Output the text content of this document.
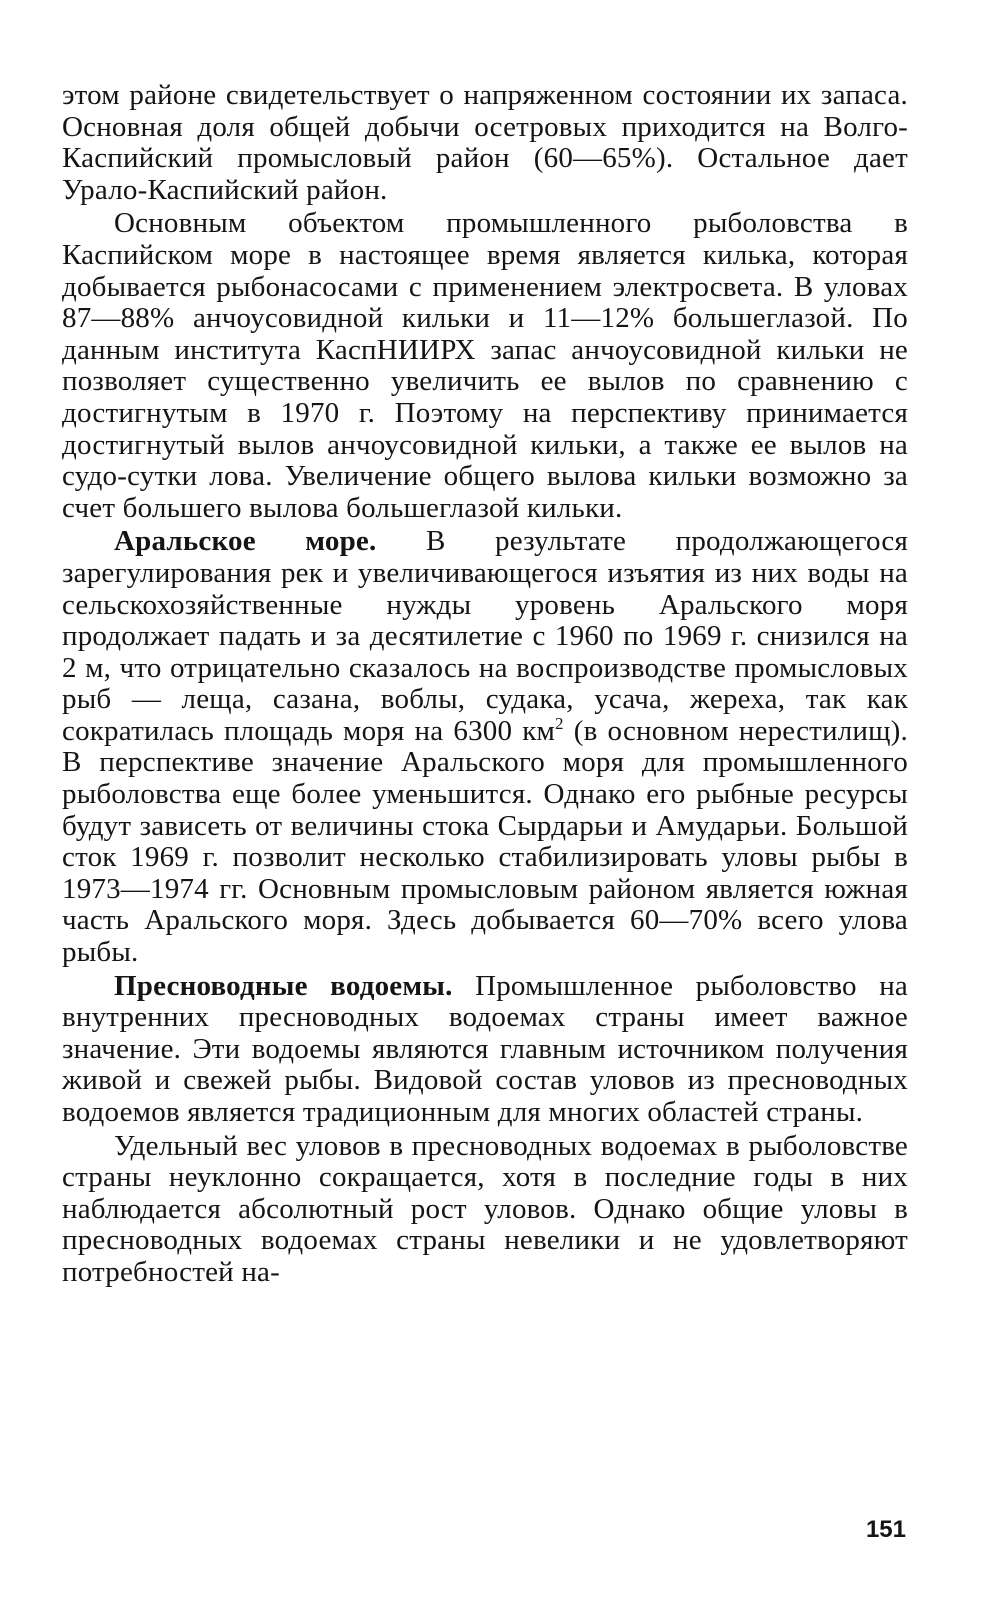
этом районе свидетельствует о напряженном состоянии их запаса. Основная доля общей добычи осетровых приходится на Волго-Каспийский промысловый район (60—65%). Остальное дает Урало-Каспийский район.

Основным объектом промышленного рыболовства в Каспийском море в настоящее время является килька, которая добывается рыбонасосами с применением электросвета. В уловах 87—88% анчоусовидной кильки и 11—12% большеглазой. По данным института КаспНИИРХ запас анчоусовидной кильки не позволяет существенно увеличить ее вылов по сравнению с достигнутым в 1970 г. Поэтому на перспективу принимается достигнутый вылов анчоусовидной кильки, а также ее вылов на судо-сутки лова. Увеличение общего вылова кильки возможно за счет большего вылова большеглазой кильки.

Аральское море. В результате продолжающегося зарегулирования рек и увеличивающегося изъятия из них воды на сельскохозяйственные нужды уровень Аральского моря продолжает падать и за десятилетие с 1960 по 1969 г. снизился на 2 м, что отрицательно сказалось на воспроизводстве промысловых рыб — леща, сазана, воблы, судака, усача, жереха, так как сократилась площадь моря на 6300 $км^2$ (в основном нерестилищ). В перспективе значение Аральского моря для промышленного рыболовства еще более уменьшится. Однако его рыбные ресурсы будут зависеть от величины стока Сырдарьи и Амударьи. Большой сток 1969 г. позволит несколько стабилизировать уловы рыбы в 1973—1974 гг. Основным промысловым районом является южная часть Аральского моря. Здесь добывается 60—70% всего улова рыбы.

Пресноводные водоемы. Промышленное рыболовство на внутренних пресноводных водоемах страны имеет важное значение. Эти водоемы являются главным источником получения живой и свежей рыбы. Видовой состав уловов из пресноводных водоемов является традиционным для многих областей страны.

Удельный вес уловов в пресноводных водоемах в рыболовстве страны неуклонно сокращается, хотя в последние годы в них наблюдается абсолютный рост уловов. Однако общие уловы в пресноводных водоемах страны невелики и не удовлетворяют потребностей на-

151
